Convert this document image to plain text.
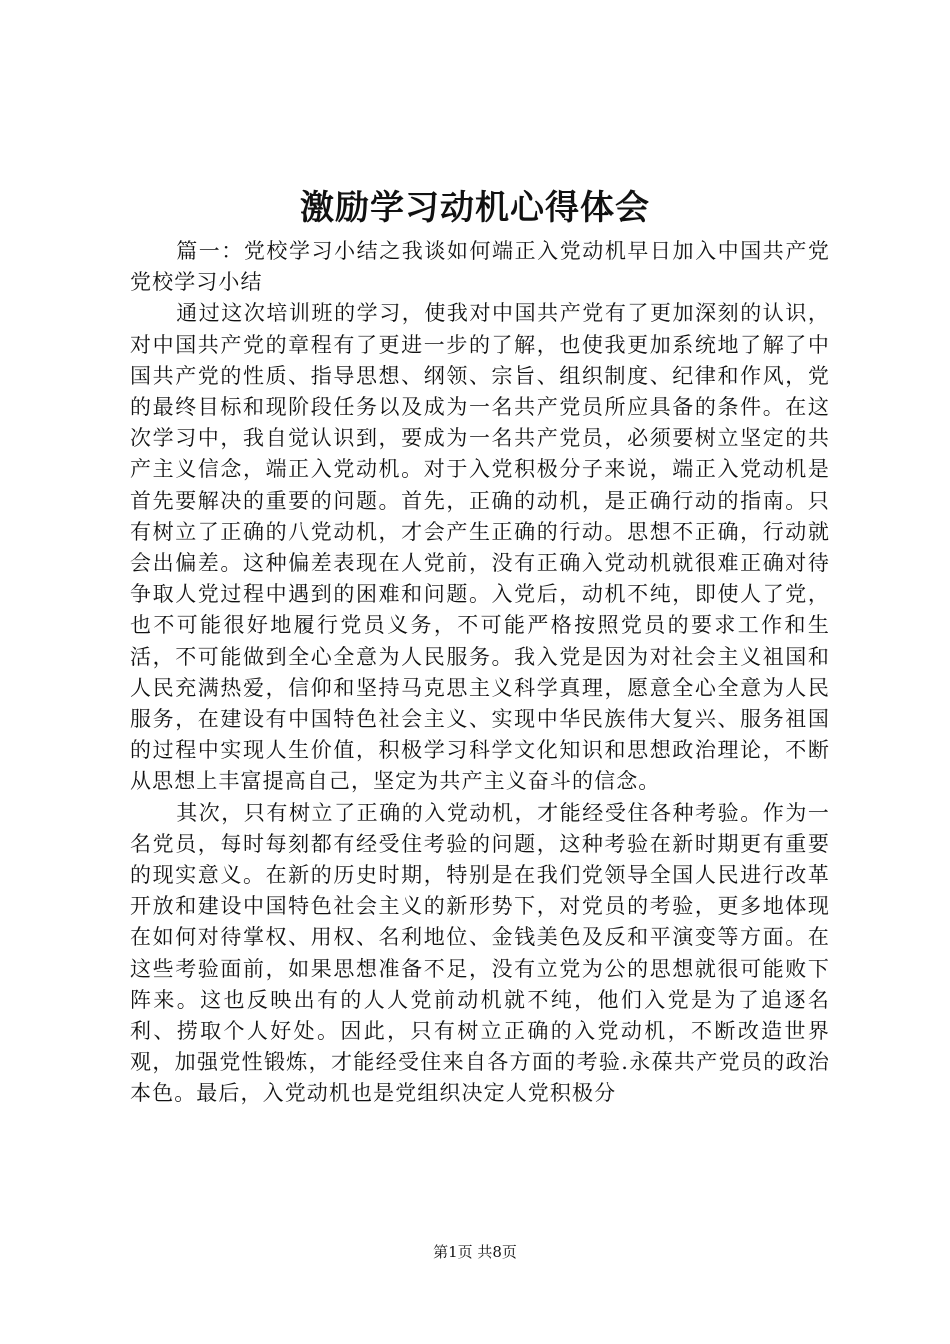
激励学习动机心得体会

篇一：党校学习小结之我谈如何端正入党动机早日加入中国共产党党校学习小结

通过这次培训班的学习，使我对中国共产党有了更加深刻的认识，对中国共产党的章程有了更进一步的了解，也使我更加系统地了解了中国共产党的性质、指导思想、纲领、宗旨、组织制度、纪律和作风，党的最终目标和现阶段任务以及成为一名共产党员所应具备的条件。在这次学习中，我自觉认识到，要成为一名共产党员，必须要树立坚定的共产主义信念，端正入党动机。对于入党积极分子来说，端正入党动机是首先要解决的重要的问题。首先，正确的动机，是正确行动的指南。只有树立了正确的八党动机，才会产生正确的行动。思想不正确，行动就会出偏差。这种偏差表现在人党前，没有正确入党动机就很难正确对待争取人党过程中遇到的困难和问题。入党后，动机不纯，即使人了党，也不可能很好地履行党员义务，不可能严格按照党员的要求工作和生活，不可能做到全心全意为人民服务。我入党是因为对社会主义祖国和人民充满热爱，信仰和坚持马克思主义科学真理，愿意全心全意为人民服务，在建设有中国特色社会主义、实现中华民族伟大复兴、服务祖国的过程中实现人生价值，积极学习科学文化知识和思想政治理论，不断从思想上丰富提高自己，坚定为共产主义奋斗的信念。

其次，只有树立了正确的入党动机，才能经受住各种考验。作为一名党员，每时每刻都有经受住考验的问题，这种考验在新时期更有重要的现实意义。在新的历史时期，特别是在我们党领导全国人民进行改革开放和建设中国特色社会主义的新形势下，对党员的考验，更多地体现在如何对待掌权、用权、名利地位、金钱美色及反和平演变等方面。在这些考验面前，如果思想准备不足，没有立党为公的思想就很可能败下阵来。这也反映出有的人人党前动机就不纯，他们入党是为了追逐名利、捞取个人好处。因此，只有树立正确的入党动机，不断改造世界观，加强党性锻炼，才能经受住来自各方面的考验.永葆共产党员的政治本色。最后，入党动机也是党组织决定人党积极分

第1页 共8页
